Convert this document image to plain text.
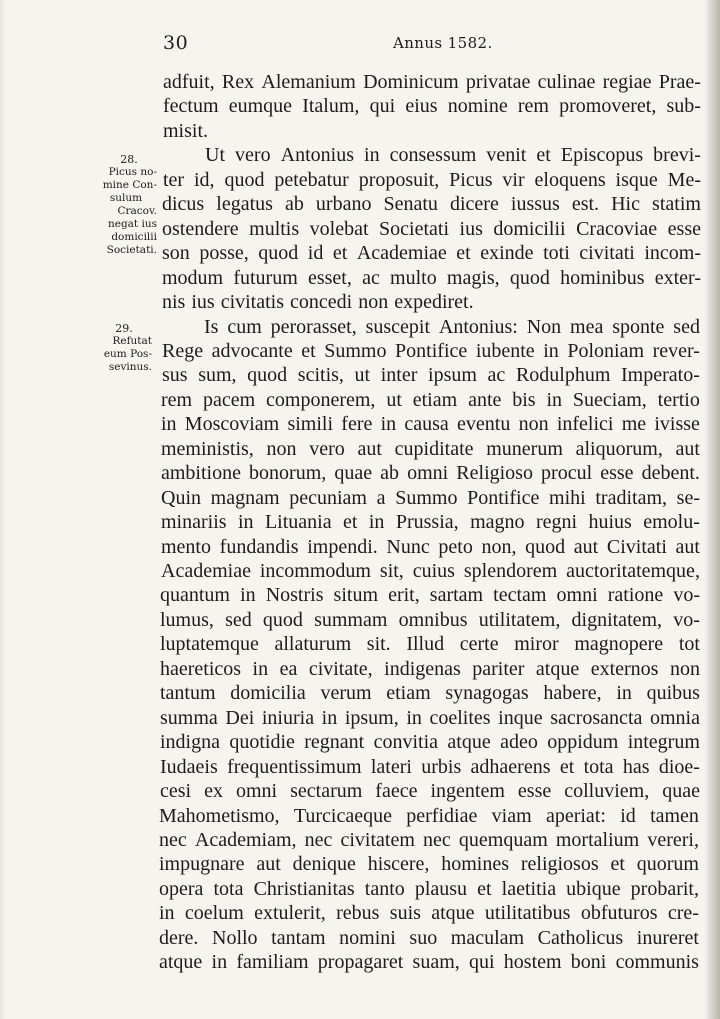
30	Annus 1582.
28.
Picus no-
mine Con-
sulum
Cracov.
negat ius
domicilii
Societati.
29.
Refutat
eum Pos-
sevinus.
adfuit, Rex Alemanium Dominicum privatae culinae regiae Prae-
fectum eumque Italum, qui eius nomine rem promoveret, sub-
misit.
Ut vero Antonius in consessum venit et Episcopus brevi-
ter id, quod petebatur proposuit, Picus vir eloquens isque Me-
dicus legatus ab urbano Senatu dicere iussus est. Hic statim
ostendere multis volebat Societati ius domicilii Cracoviae esse
son posse, quod id et Academiae et exinde toti civitati incom-
modum futurum esset, ac multo magis, quod hominibus exter-
nis ius civitatis concedi non expediret.
Is cum perorasset, suscepit Antonius: Non mea sponte sed
Rege advocante et Summo Pontifice iubente in Poloniam rever-
sus sum, quod scitis, ut inter ipsum ac Rodulphum Imperato-
rem pacem componerem, ut etiam ante bis in Sueciam, tertio
in Moscoviam simili fere in causa eventu non infelici me ivisse
meministis, non vero aut cupiditate munerum aliquorum, aut
ambitione bonorum, quae ab omni Religioso procul esse debent.
Quin magnam pecuniam a Summo Pontifice mihi traditam, se-
minariis in Lituania et in Prussia, magno regni huius emolu-
mento fundandis impendi. Nunc peto non, quod aut Civitati aut
Academiae incommodum sit, cuius splendorem auctoritatemque,
quantum in Nostris situm erit, sartam tectam omni ratione vo-
lumus, sed quod summam omnibus utilitatem, dignitatem, vo-
luptatemque allaturum sit. Illud certe miror magnopere tot
haereticos in ea civitate, indigenas pariter atque externos non
tantum domicilia verum etiam synagogas habere, in quibus
summa Dei iniuria in ipsum, in coelites inque sacrosancta omnia
indigna quotidie regnant convitia atque adeo oppidum integrum
Iudaeis frequentissimum lateri urbis adhaerens et tota has dioe-
cesi ex omni sectarum faece ingentem esse colluviem, quae
Mahometismo, Turcicaeque perfidiae viam aperiat: id tamen
nec Academiam, nec civitatem nec quemquam mortalium vereri,
impugnare aut denique hiscere, homines religiosos et quorum
opera tota Christianitas tanto plausu et laetitia ubique probarit,
in coelum extulerit, rebus suis atque utilitatibus obfuturos cre-
dere. Nollo tantam nomini suo maculam Catholicus inureret
atque in familiam propagaret suam, qui hostem boni communis
